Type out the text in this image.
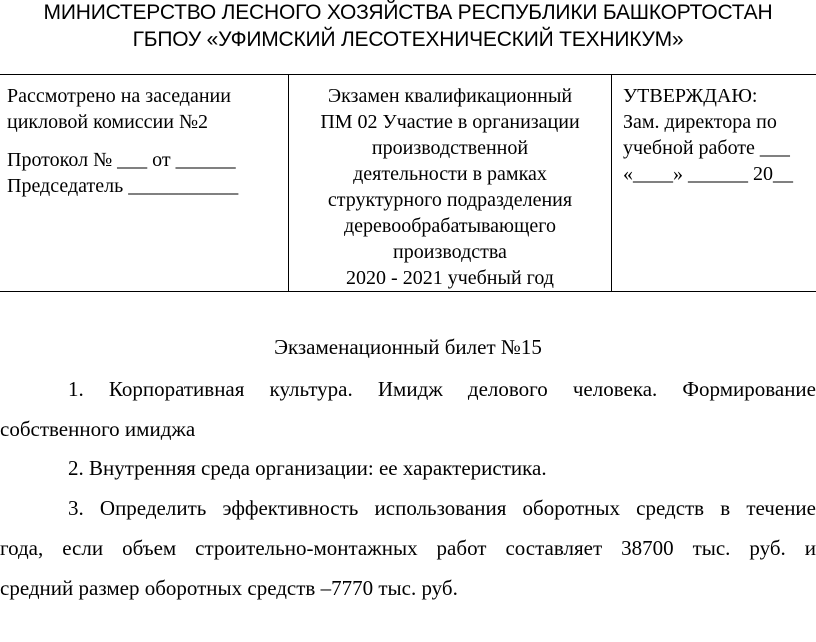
МИНИСТЕРСТВО ЛЕСНОГО ХОЗЯЙСТВА РЕСПУБЛИКИ БАШКОРТОСТАН
ГБПОУ «УФИМСКИЙ ЛЕСОТЕХНИЧЕСКИЙ ТЕХНИКУМ»

Рассмотрено на заседании

цикловой комиссии №2

Протокол № ___ от ______

Председатель ___________

Экзамен квалификационный

ПМ 02 Участие в организации

производственной

деятельности в рамках

структурного подразделения

деревообрабатывающего

производства

2020 - 2021 учебный год

УТВЕРЖДАЮ:

Зам. директора по

учебной работе ___

«____» ______ 20__

Экзаменационный билет №15
1. Корпоративная культура. Имидж делового человека. Формирование
собственного имиджа
2. Внутренняя среда организации: ее характеристика.
3. Определить эффективность использования оборотных средств в течение
года, если объем строительно-монтажных работ составляет 38700 тыс. руб. и
средний размер оборотных средств –7770 тыс. руб.
